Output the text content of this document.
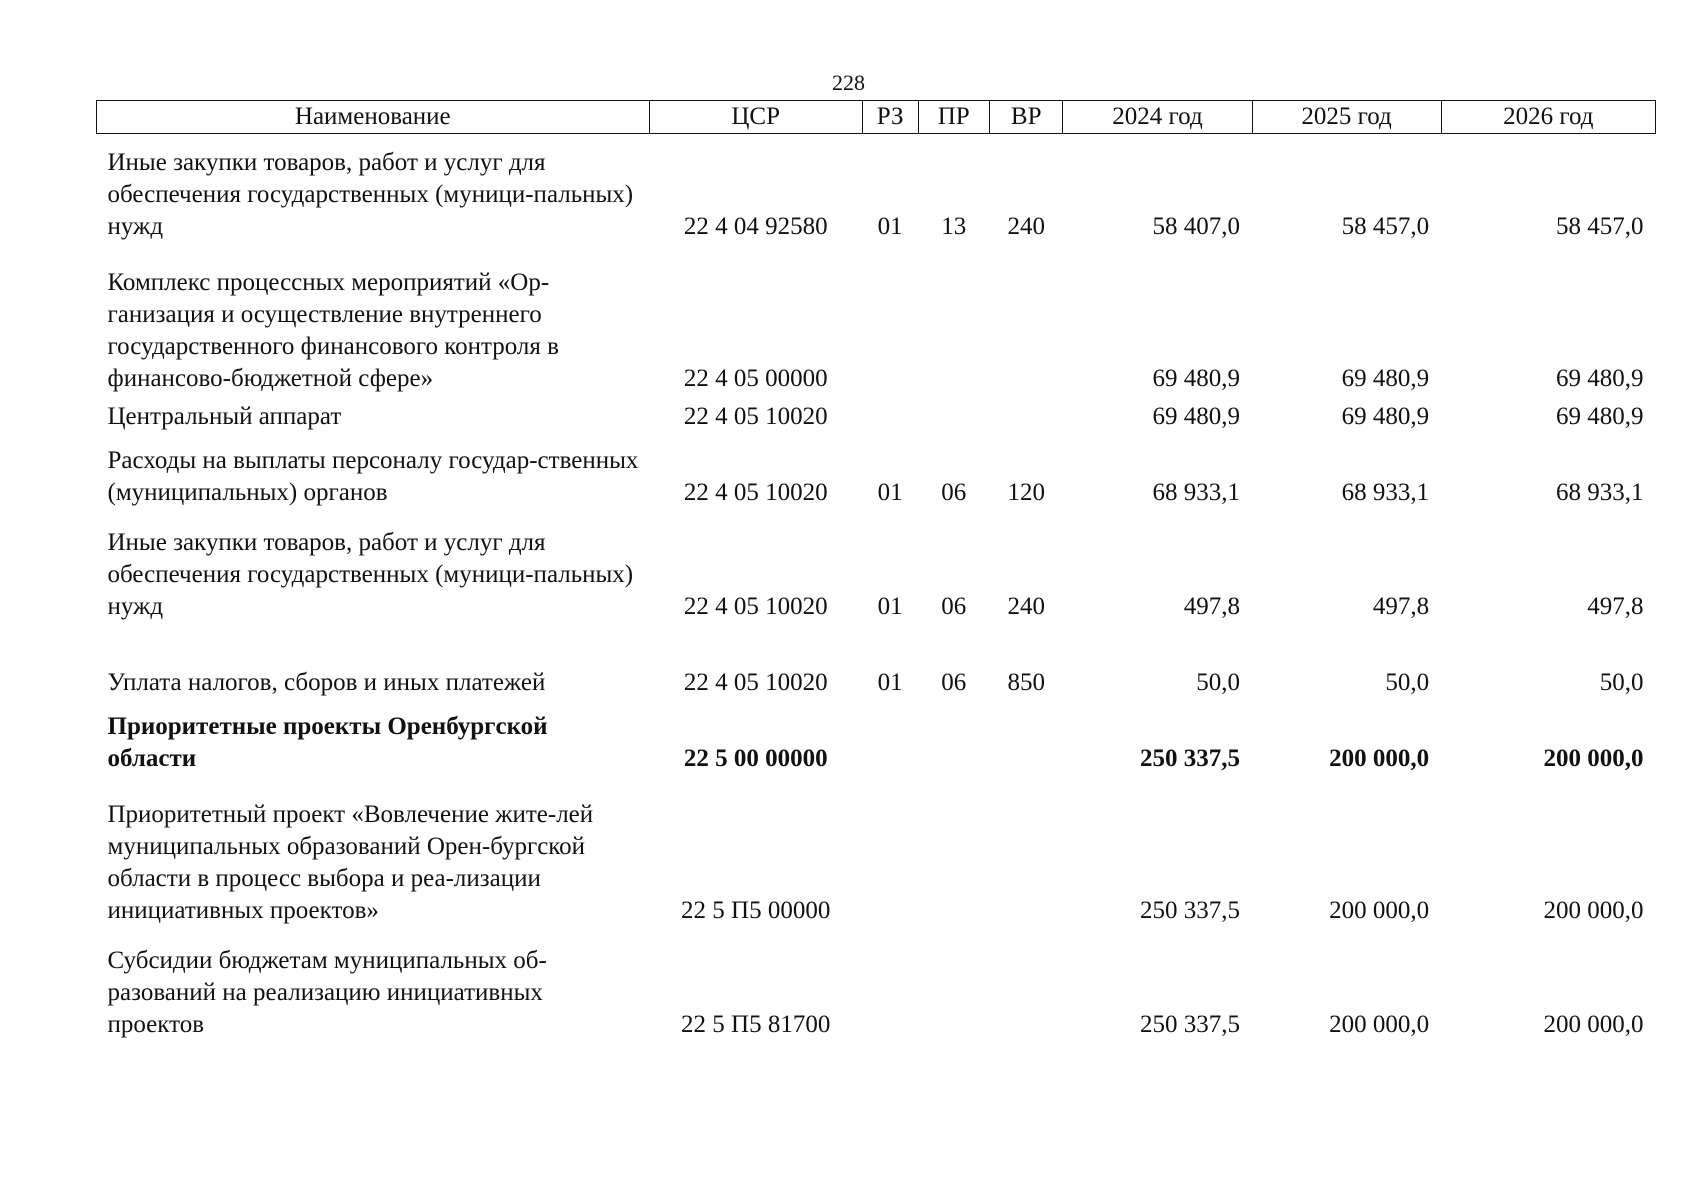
228
Наименование	ЦСР	РЗ	ПР	ВР	2024 год	2025 год	2026 год
Иные закупки товаров, работ и услуг для обеспечения государственных (муници-пальных) нужд	22 4 04 92580	01	13	240	58 407,0	58 457,0	58 457,0
Комплекс процессных мероприятий «Ор-ганизация и осуществление внутреннего государственного финансового контроля в финансово-бюджетной сфере»	22 4 05 00000				69 480,9	69 480,9	69 480,9
Центральный аппарат	22 4 05 10020				69 480,9	69 480,9	69 480,9
Расходы на выплаты персоналу государ-ственных (муниципальных) органов	22 4 05 10020	01	06	120	68 933,1	68 933,1	68 933,1
Иные закупки товаров, работ и услуг для обеспечения государственных (муници-пальных) нужд	22 4 05 10020	01	06	240	497,8	497,8	497,8
Уплата налогов, сборов и иных платежей	22 4 05 10020	01	06	850	50,0	50,0	50,0
Приоритетные проекты Оренбургской области	22 5 00 00000				250 337,5	200 000,0	200 000,0
Приоритетный проект «Вовлечение жите-лей муниципальных образований Орен-бургской области в процесс выбора и реа-лизации инициативных проектов»	22 5 П5 00000				250 337,5	200 000,0	200 000,0
Субсидии бюджетам муниципальных об-разований на реализацию инициативных проектов	22 5 П5 81700				250 337,5	200 000,0	200 000,0
